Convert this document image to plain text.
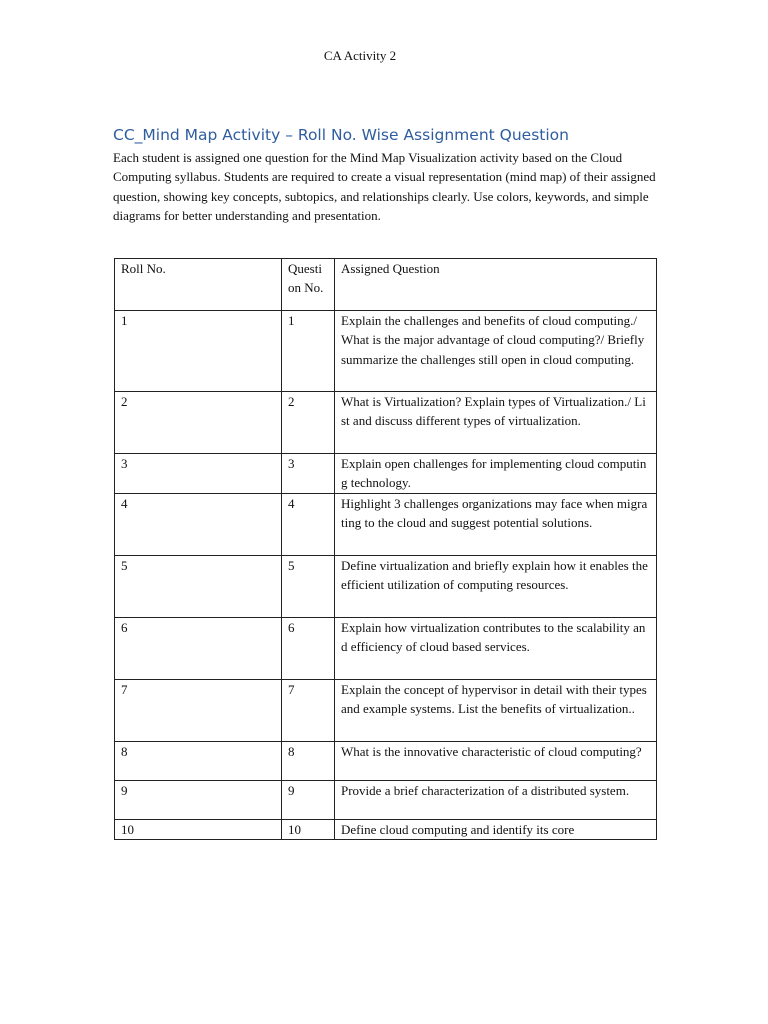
CA Activity 2
CC_Mind Map Activity – Roll No. Wise Assignment Question

Each student is assigned one question for the Mind Map Visualization activity based on the Cloud Computing syllabus. Students are required to create a visual representation (mind map) of their assigned question, showing key concepts, subtopics, and relationships clearly. Use colors, keywords, and simple diagrams for better understanding and presentation.

Roll No.	Question No.	Assigned Question
1	1	Explain the challenges and benefits of cloud computing./ What is the major advantage of cloud computing?/ Briefly summarize the challenges still open in cloud computing.
2	2	What is Virtualization? Explain types of Virtualization./ List and discuss different types of virtualization.
3	3	Explain open challenges for implementing cloud computing technology.
4	4	Highlight 3 challenges organizations may face when migrating to the cloud and suggest potential solutions.
5	5	Define virtualization and briefly explain how it enables the efficient utilization of computing resources.
6	6	Explain how virtualization contributes to the scalability and efficiency of cloud based services.
7	7	Explain the concept of hypervisor in detail with their types and example systems. List the benefits of virtualization..
8	8	What is the innovative characteristic of cloud computing?
9	9	Provide a brief characterization of a distributed system.
10	10	Define cloud computing and identify its core
